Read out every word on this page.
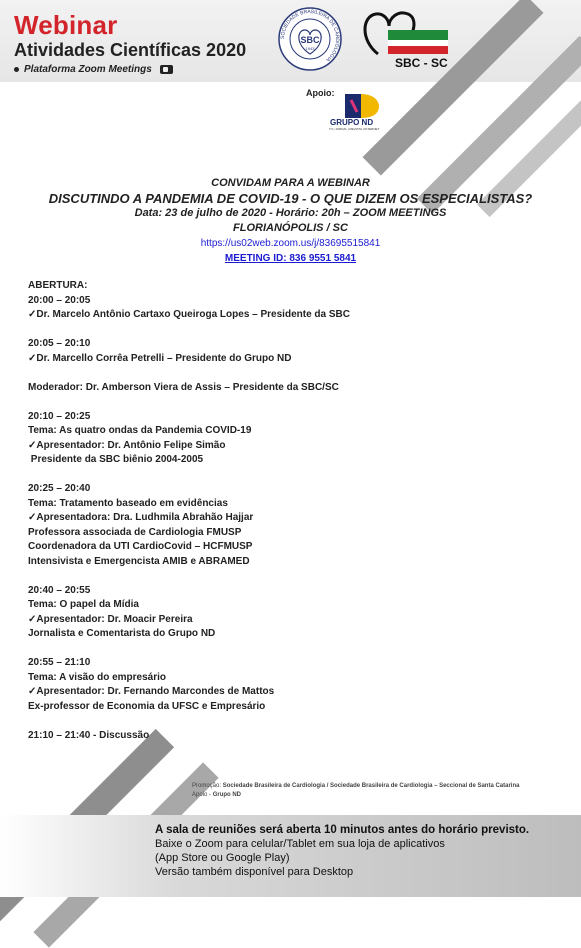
Webinar
Atividades Científicas 2020
Plataforma Zoom Meetings
SOCIEDADE BRASILEIRA DE CARDIOLOGIA
SBC
1943
SBC - SC
Apoio:
GRUPO ND
TV | JORNAL | REVISTA | INTERNET
CONVIDAM PARA A WEBINAR
DISCUTINDO A PANDEMIA DE COVID-19 - O QUE DIZEM OS ESPECIALISTAS?
Data: 23 de julho de 2020 - Horário: 20h – ZOOM MEETINGS
FLORIANÓPOLIS / SC
https://us02web.zoom.us/j/83695515841
MEETING ID: 836 9551 5841
ABERTURA:
20:00 – 20:05
✓Dr. Marcelo Antônio Cartaxo Queiroga Lopes – Presidente da SBC
20:05 – 20:10
✓Dr. Marcello Corrêa Petrelli – Presidente do Grupo ND
Moderador: Dr. Amberson Viera de Assis – Presidente da SBC/SC
20:10 – 20:25
Tema: As quatro ondas da Pandemia COVID-19
✓Apresentador: Dr. Antônio Felipe Simão
Presidente da SBC biênio 2004-2005
20:25 – 20:40
Tema: Tratamento baseado em evidências
✓Apresentadora: Dra. Ludhmila Abrahão Hajjar
Professora associada de Cardiologia FMUSP
Coordenadora da UTI CardioCovid – HCFMUSP
Intensivista e Emergencista AMIB e ABRAMED
20:40 – 20:55
Tema: O papel da Mídia
✓Apresentador: Dr. Moacir Pereira
Jornalista e Comentarista do Grupo ND
20:55 – 21:10
Tema: A visão do empresário
✓Apresentador: Dr. Fernando Marcondes de Mattos
Ex-professor de Economia da UFSC e Empresário
21:10 – 21:40 - Discussão
Promoção: Sociedade Brasileira de Cardiologia / Sociedade Brasileira de Cardiologia – Seccional de Santa Catarina
Apoio - Grupo ND
A sala de reuniões será aberta 10 minutos antes do horário previsto.
Baixe o Zoom para celular/Tablet em sua loja de aplicativos
(App Store ou Google Play)
Versão também disponível para Desktop
